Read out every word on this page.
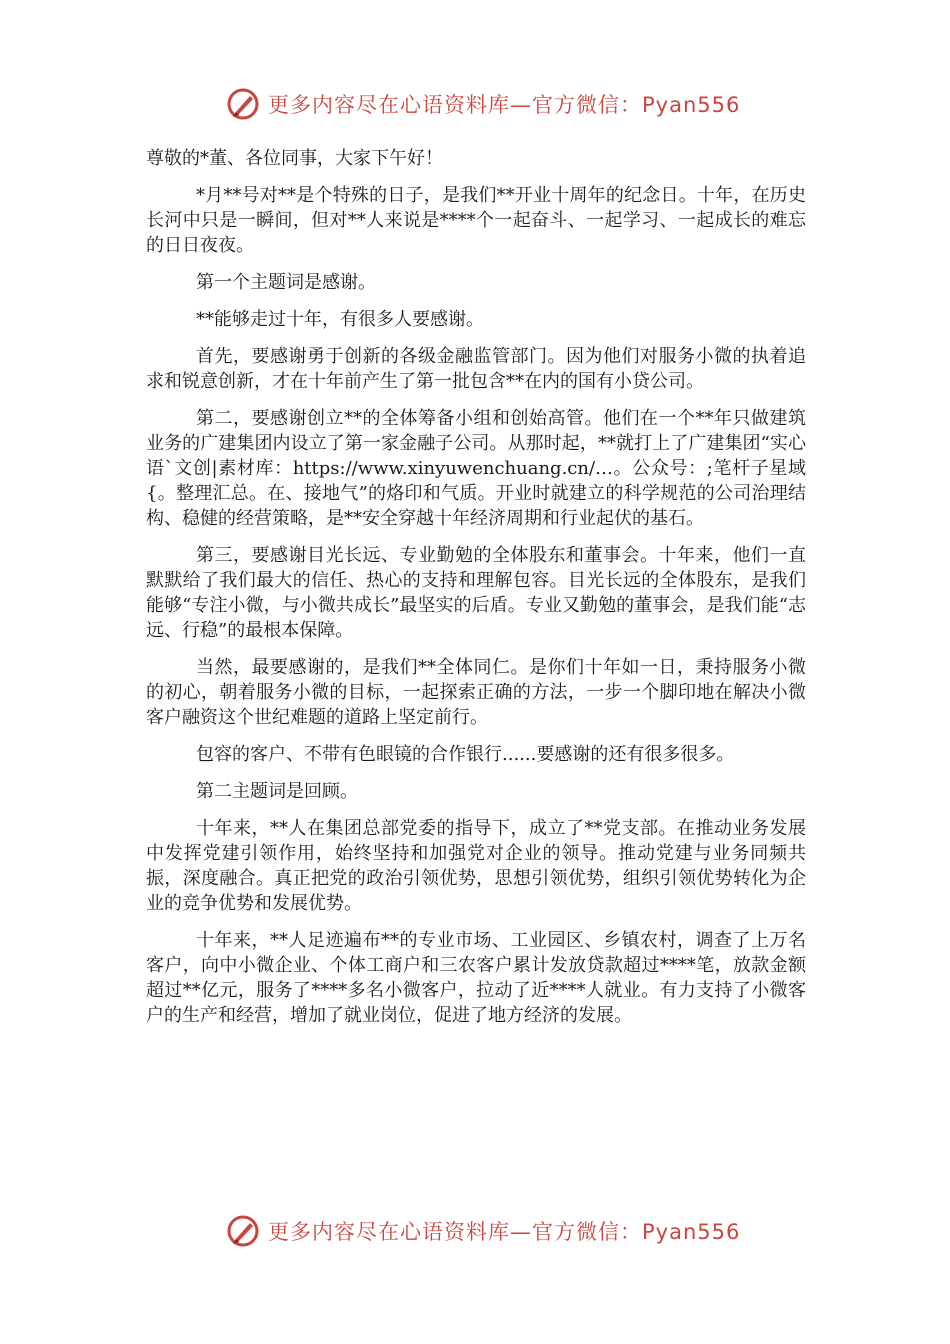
更多内容尽在心语资料库—官方微信：Pyan556

尊敬的*董、各位同事，大家下午好！

*月**号对**是个特殊的日子，是我们**开业十周年的纪念日。十年，在历史长河中只是一瞬间，但对**人来说是****个一起奋斗、一起学习、一起成长的难忘的日日夜夜。

第一个主题词是感谢。

**能够走过十年，有很多人要感谢。

首先，要感谢勇于创新的各级金融监管部门。因为他们对服务小微的执着追求和锐意创新，才在十年前产生了第一批包含**在内的国有小贷公司。

第二，要感谢创立**的全体筹备小组和创始高管。他们在一个**年只做建筑业务的广建集团内设立了第一家金融子公司。从那时起，**就打上了广建集团“实心语`文创|素材库：https://www.xinyuwenchuang.cn/…。公众号：;笔杆子星域{。整理汇总。在、接地气”的烙印和气质。开业时就建立的科学规范的公司治理结构、稳健的经营策略，是**安全穿越十年经济周期和行业起伏的基石。

第三，要感谢目光长远、专业勤勉的全体股东和董事会。十年来，他们一直默默给了我们最大的信任、热心的支持和理解包容。目光长远的全体股东，是我们能够“专注小微，与小微共成长”最坚实的后盾。专业又勤勉的董事会，是我们能“志远、行稳”的最根本保障。

当然，最要感谢的，是我们**全体同仁。是你们十年如一日，秉持服务小微的初心，朝着服务小微的目标，一起探索正确的方法，一步一个脚印地在解决小微客户融资这个世纪难题的道路上坚定前行。

包容的客户、不带有色眼镜的合作银行......要感谢的还有很多很多。

第二主题词是回顾。

十年来，**人在集团总部党委的指导下，成立了**党支部。在推动业务发展中发挥党建引领作用，始终坚持和加强党对企业的领导。推动党建与业务同频共振，深度融合。真正把党的政治引领优势，思想引领优势，组织引领优势转化为企业的竞争优势和发展优势。

十年来，**人足迹遍布**的专业市场、工业园区、乡镇农村，调查了上万名客户，向中小微企业、个体工商户和三农客户累计发放贷款超过****笔，放款金额超过**亿元，服务了****多名小微客户，拉动了近****人就业。有力支持了小微客户的生产和经营，增加了就业岗位，促进了地方经济的发展。

更多内容尽在心语资料库—官方微信：Pyan556
